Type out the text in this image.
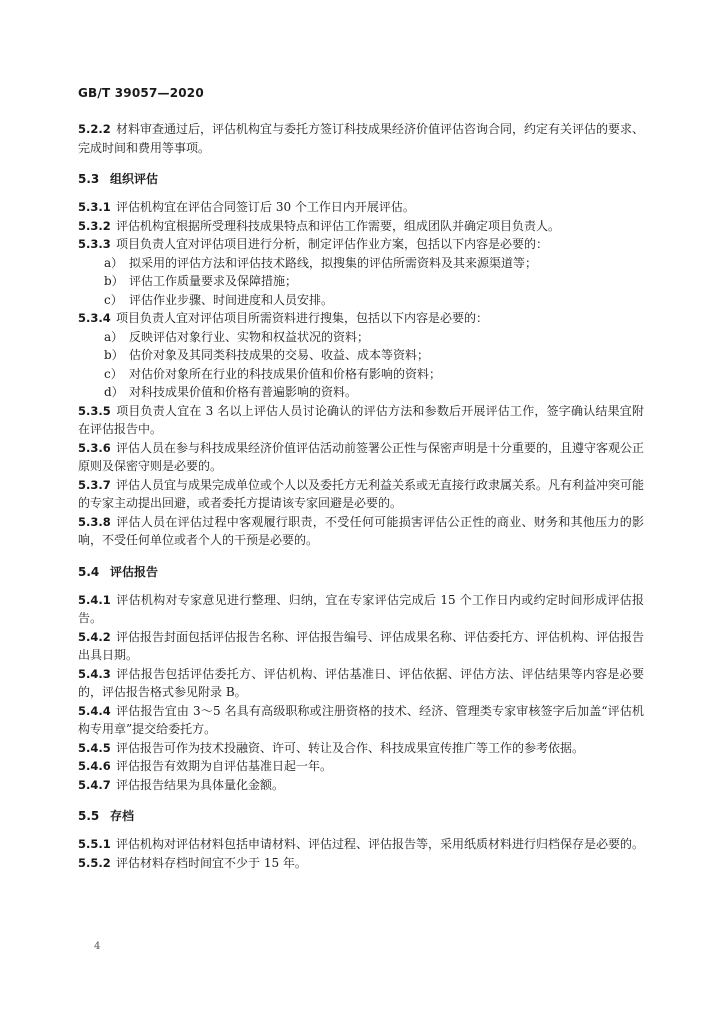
GB/T 39057—2020
5.2.2 材料审查通过后，评估机构宜与委托方签订科技成果经济价值评估咨询合同，约定有关评估的要求、完成时间和费用等事项。
5.3 组织评估
5.3.1 评估机构宜在评估合同签订后 30 个工作日内开展评估。
5.3.2 评估机构宜根据所受理科技成果特点和评估工作需要，组成团队并确定项目负责人。
5.3.3 项目负责人宜对评估项目进行分析，制定评估作业方案，包括以下内容是必要的：
a） 拟采用的评估方法和评估技术路线，拟搜集的评估所需资料及其来源渠道等；
b） 评估工作质量要求及保障措施；
c） 评估作业步骤、时间进度和人员安排。
5.3.4 项目负责人宜对评估项目所需资料进行搜集，包括以下内容是必要的：
a） 反映评估对象行业、实物和权益状况的资料；
b） 估价对象及其同类科技成果的交易、收益、成本等资料；
c） 对估价对象所在行业的科技成果价值和价格有影响的资料；
d） 对科技成果价值和价格有普遍影响的资料。
5.3.5 项目负责人宜在 3 名以上评估人员讨论确认的评估方法和参数后开展评估工作，签字确认结果宜附在评估报告中。
5.3.6 评估人员在参与科技成果经济价值评估活动前签署公正性与保密声明是十分重要的，且遵守客观公正原则及保密守则是必要的。
5.3.7 评估人员宜与成果完成单位或个人以及委托方无利益关系或无直接行政隶属关系。凡有利益冲突可能的专家主动提出回避，或者委托方提请该专家回避是必要的。
5.3.8 评估人员在评估过程中客观履行职责，不受任何可能损害评估公正性的商业、财务和其他压力的影响，不受任何单位或者个人的干预是必要的。
5.4 评估报告
5.4.1 评估机构对专家意见进行整理、归纳，宜在专家评估完成后 15 个工作日内或约定时间形成评估报告。
5.4.2 评估报告封面包括评估报告名称、评估报告编号、评估成果名称、评估委托方、评估机构、评估报告出具日期。
5.4.3 评估报告包括评估委托方、评估机构、评估基准日、评估依据、评估方法、评估结果等内容是必要的，评估报告格式参见附录 B。
5.4.4 评估报告宜由 3～5 名具有高级职称或注册资格的技术、经济、管理类专家审核签字后加盖“评估机构专用章”提交给委托方。
5.4.5 评估报告可作为技术投融资、许可、转让及合作、科技成果宣传推广等工作的参考依据。
5.4.6 评估报告有效期为自评估基准日起一年。
5.4.7 评估报告结果为具体量化金额。
5.5 存档
5.5.1 评估机构对评估材料包括申请材料、评估过程、评估报告等，采用纸质材料进行归档保存是必要的。
5.5.2 评估材料存档时间宜不少于 15 年。
4
